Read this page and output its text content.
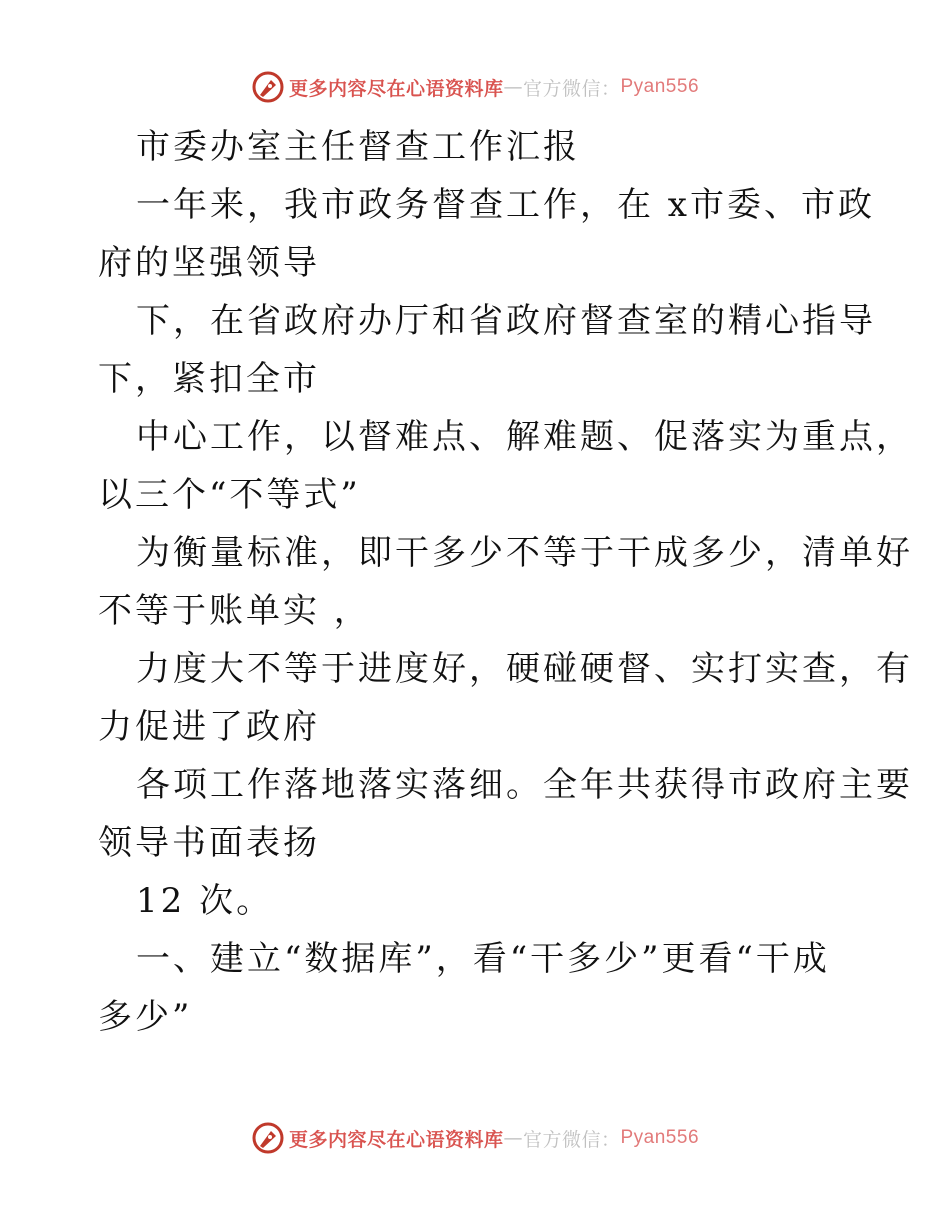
更多内容尽在心语资料库 — 官方微信： Pyan556
市委办室主任督查工作汇报
一年来，我市政务督查工作，在 x市委、市政
府的坚强领导
下，在省政府办厅和省政府督查室的精心指导
下，紧扣全市
中心工作，以督难点、解难题、促落实为重点，
以三个“不等式”
为衡量标准，即干多少不等于干成多少，清单好
不等于账单实 ，
力度大不等于进度好，硬碰硬督、实打实查，有
力促进了政府
各项工作落地落实落细。全年共获得市政府主要
领导书面表扬
12 次。
一、建立“数据库”，看“干多少”更看“干成
多少”
更多内容尽在心语资料库 — 官方微信： Pyan556
